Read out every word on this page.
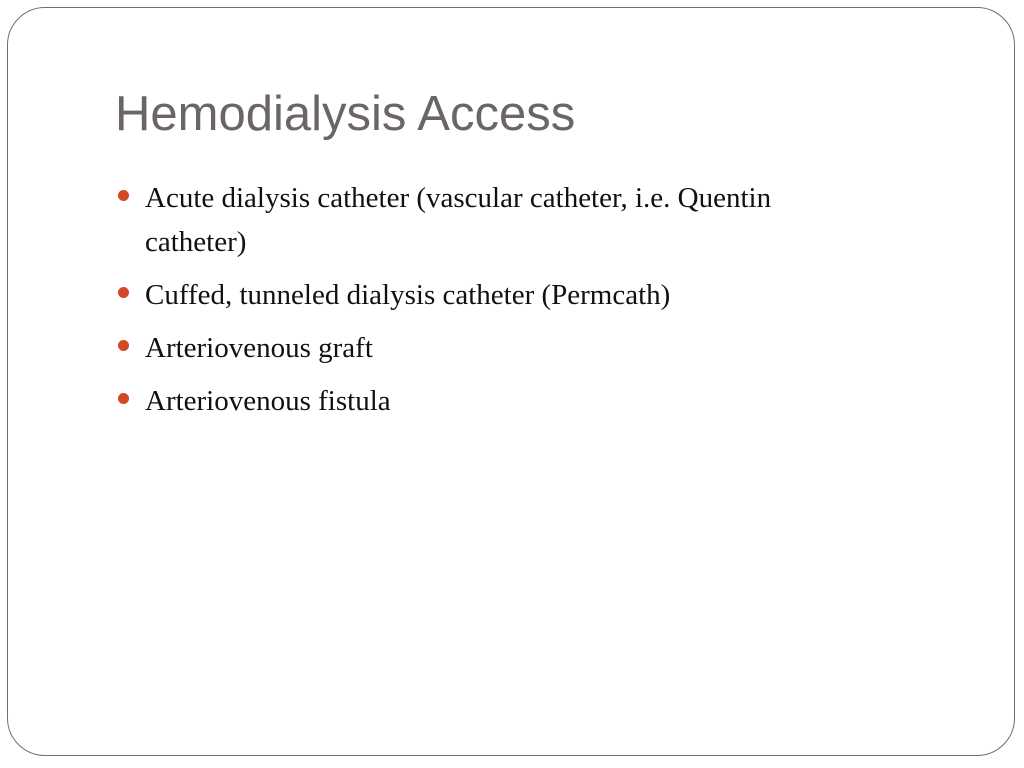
Hemodialysis Access
Acute dialysis catheter (vascular catheter, i.e. Quentin catheter)
Cuffed, tunneled dialysis catheter (Permcath)
Arteriovenous graft
Arteriovenous fistula
